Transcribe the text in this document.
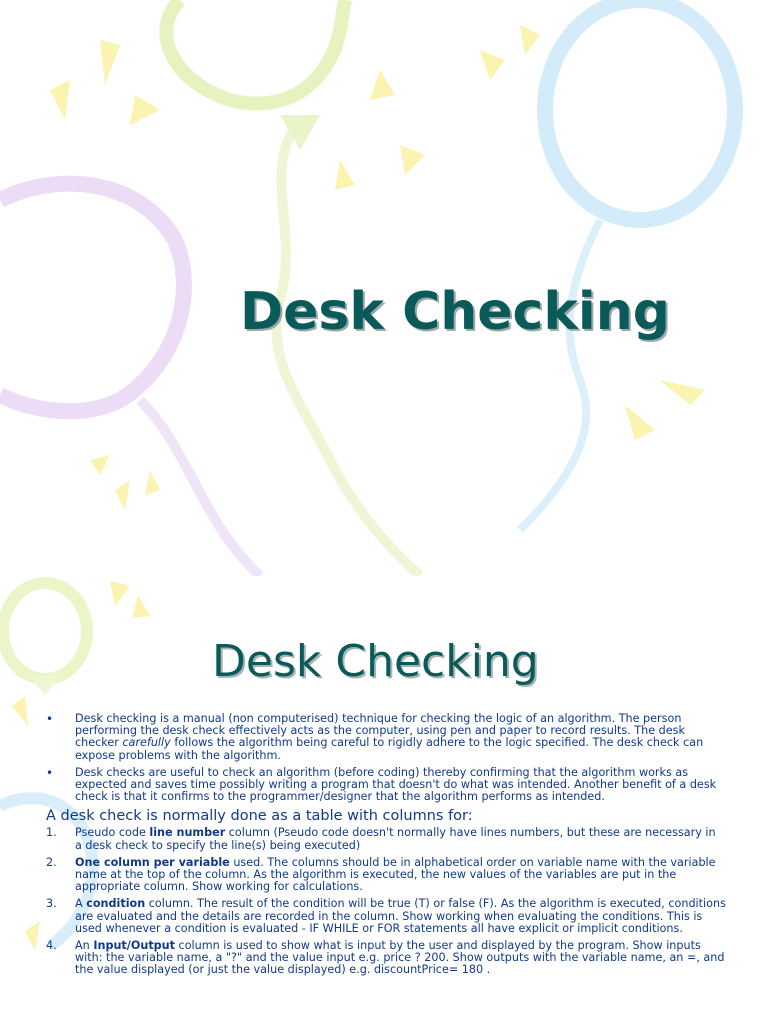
Desk Checking
Desk Checking
• Desk checking is a manual (non computerised) technique for checking the logic of an algorithm. The person performing the desk check effectively acts as the computer, using pen and paper to record results. The desk checker carefully follows the algorithm being careful to rigidly adhere to the logic specified. The desk check can expose problems with the algorithm.
• Desk checks are useful to check an algorithm (before coding) thereby confirming that the algorithm works as expected and saves time possibly writing a program that doesn't do what was intended. Another benefit of a desk check is that it confirms to the programmer/designer that the algorithm performs as intended.

A desk check is normally done as a table with columns for:

1. Pseudo code line number column (Pseudo code doesn't normally have lines numbers, but these are necessary in a desk check to specify the line(s) being executed)
2. One column per variable used. The columns should be in alphabetical order on variable name with the variable name at the top of the column. As the algorithm is executed, the new values of the variables are put in the appropriate column. Show working for calculations.
3. A condition column. The result of the condition will be true (T) or false (F). As the algorithm is executed, conditions are evaluated and the details are recorded in the column. Show working when evaluating the conditions. This is used whenever a condition is evaluated - IF WHILE or FOR statements all have explicit or implicit conditions.
4. An Input/Output column is used to show what is input by the user and displayed by the program. Show inputs with: the variable name, a "?" and the value input e.g. price ? 200. Show outputs with the variable name, an =, and the value displayed (or just the value displayed) e.g. discountPrice= 180 .
